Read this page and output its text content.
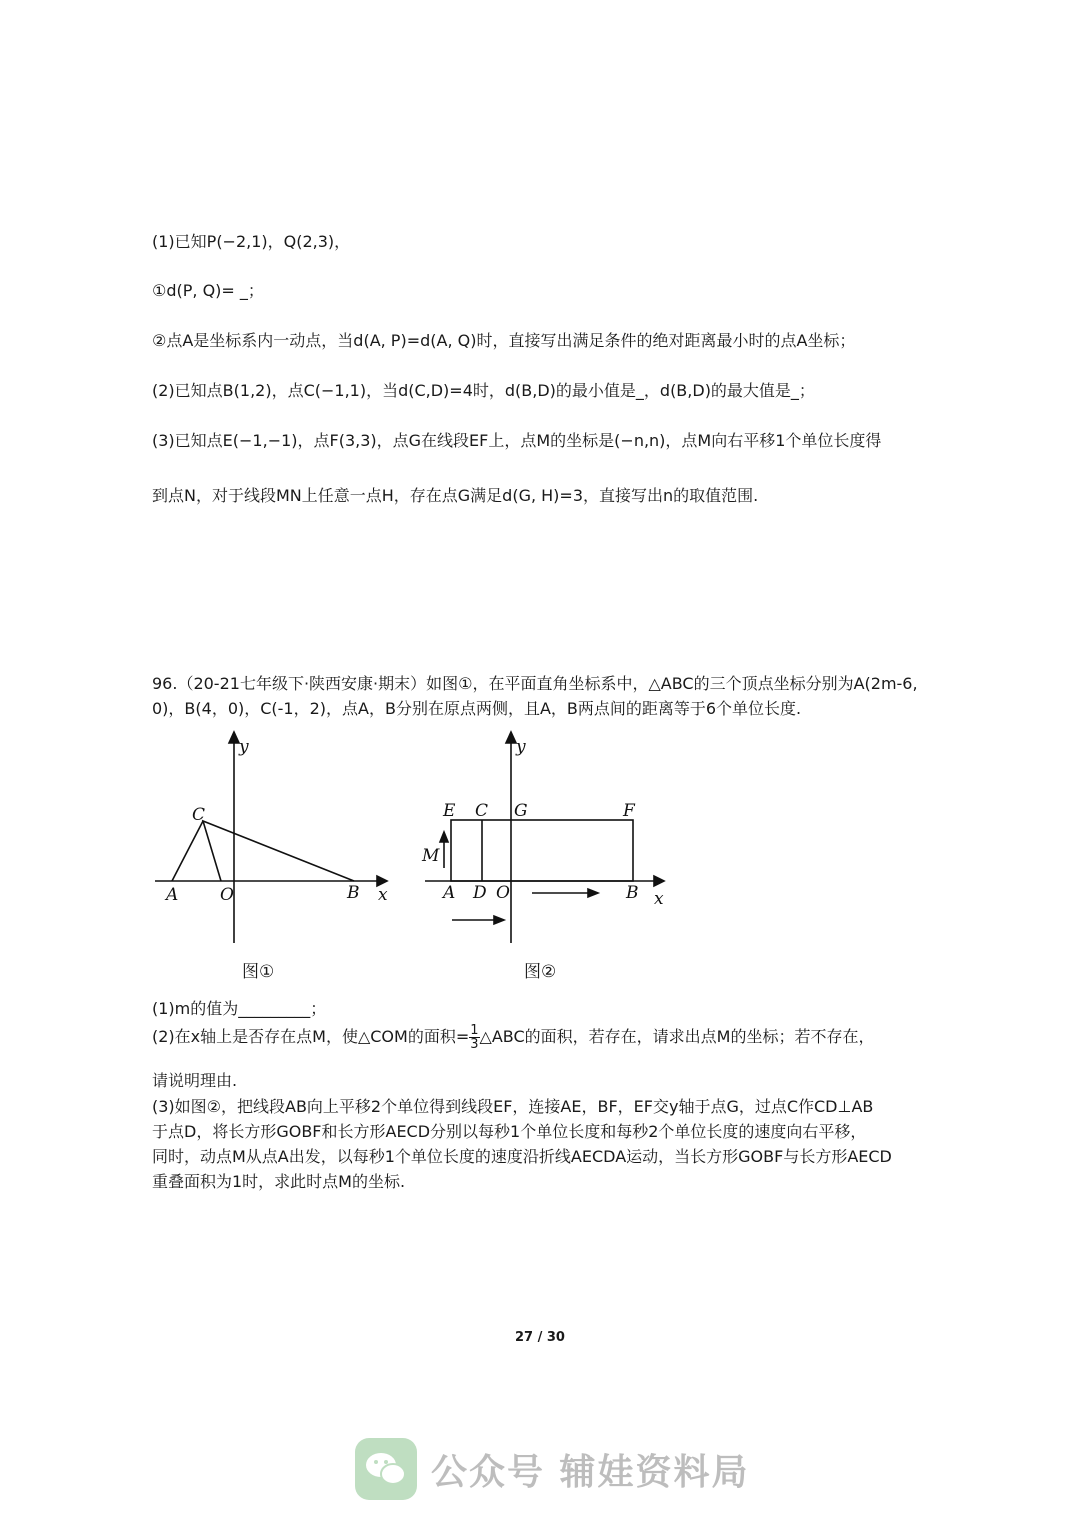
(1)已知P(−2,1)，Q(2,3)，
①d(P, Q)= _；
②点A是坐标系内一动点，当d(A, P)=d(A, Q)时，直接写出满足条件的绝对距离最小时的点A坐标；
(2)已知点B(1,2)，点C(−1,1)，当d(C,D)=4时，d(B,D)的最小值是_，d(B,D)的最大值是_；
(3)已知点E(−1,−1)，点F(3,3)，点G在线段EF上，点M的坐标是(−n,n)，点M向右平移1个单位长度得
到点N，对于线段MN上任意一点H，存在点G满足d(G, H)=3，直接写出n的取值范围.
96.（20-21七年级下·陕西安康·期末）如图①，在平面直角坐标系中，△ABC的三个顶点坐标分别为A(2m-6,
0)，B(4，0)，C(-1，2)，点A，B分别在原点两侧，且A，B两点间的距离等于6个单位长度.
y
x
C
A O	B
图①
y
x
E C G	F
M
A D O	B
图②
(1)m的值为_________；
(2)在x轴上是否存在点M，使△COM的面积= $\frac{1}{3}\triangle ABC$的面积，若存在，请求出点M的坐标；若不存在，
请说明理由.
(3)如图②，把线段AB向上平移2个单位得到线段EF，连接AE，BF，EF交y轴于点G，过点C作CD⊥AB
于点D，将长方形GOBF和长方形AECD分别以每秒1个单位长度和每秒2个单位长度的速度向右平移，
同时，动点M从点A出发，以每秒1个单位长度的速度沿折线AECDA运动，当长方形GOBF与长方形AECD
重叠面积为1时，求此时点M的坐标.
27 / 30
公众号 辅娃资料局
